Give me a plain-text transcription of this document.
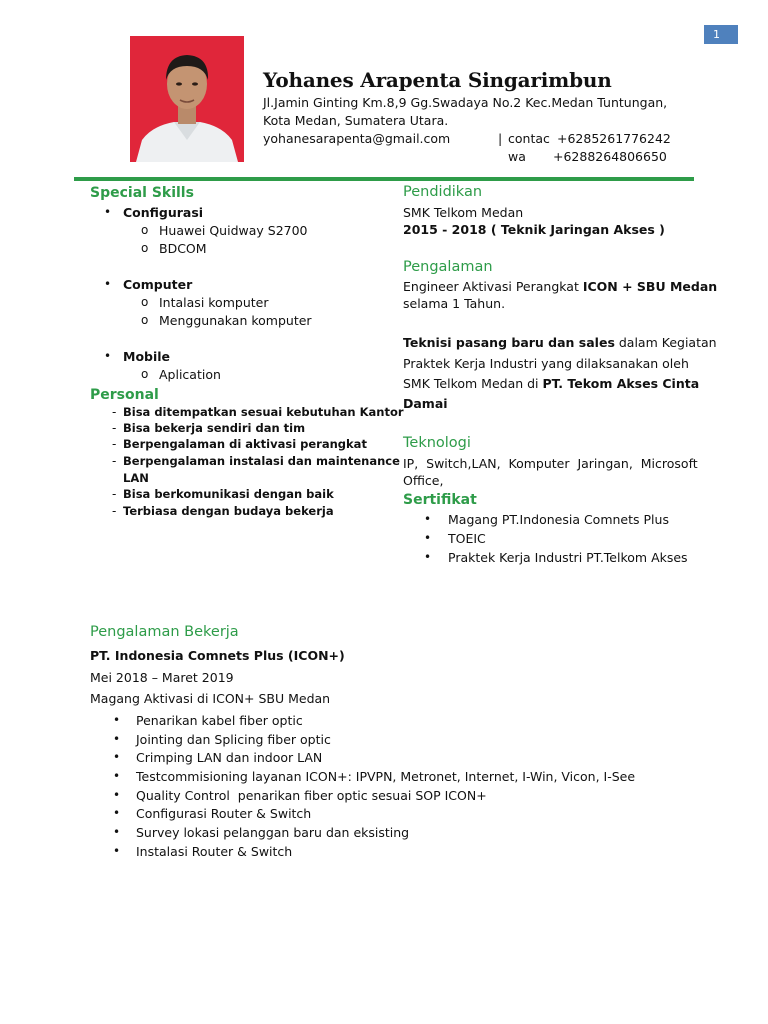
1
Yohanes Arapenta Singarimbun
Jl.Jamin Ginting Km.8,9 Gg.Swadaya No.2 Kec.Medan Tuntungan,
Kota Medan, Sumatera Utara.
yohanesarapenta@gmail.com	| contac +6285261776242
wa +6288264806650
Special Skills
• Configurasi
o Huawei Quidway S2700
o BDCOM
• Computer
o Intalasi komputer
o Menggunakan komputer
• Mobile
o Aplication
Personal
- Bisa ditempatkan sesuai kebutuhan Kantor
- Bisa bekerja sendiri dan tim
- Berpengalaman di aktivasi perangkat
- Berpengalaman instalasi dan maintenance
LAN
- Bisa berkomunikasi dengan baik
- Terbiasa dengan budaya bekerja
Pendidikan
SMK Telkom Medan
2015 - 2018 ( Teknik Jaringan Akses )
Pengalaman
Engineer Aktivasi Perangkat ICON + SBU Medan
selama 1 Tahun.
Teknisi pasang baru dan sales dalam Kegiatan
Praktek Kerja Industri yang dilaksanakan oleh
SMK Telkom Medan di PT. Tekom Akses Cinta
Damai
Teknologi
IP,  Switch,LAN,  Komputer  Jaringan,  Microsoft
Office,
Sertifikat
• Magang PT.Indonesia Comnets Plus
• TOEIC
• Praktek Kerja Industri PT.Telkom Akses
Pengalaman Bekerja
PT. Indonesia Comnets Plus (ICON+)
Mei 2018 – Maret 2019
Magang Aktivasi di ICON+ SBU Medan
• Penarikan kabel fiber optic
• Jointing dan Splicing fiber optic
• Crimping LAN dan indoor LAN
• Testcommisioning layanan ICON+: IPVPN, Metronet, Internet, I-Win, Vicon, I-See
• Quality Control  penarikan fiber optic sesuai SOP ICON+
• Configurasi Router & Switch
• Survey lokasi pelanggan baru dan eksisting
• Instalasi Router & Switch
